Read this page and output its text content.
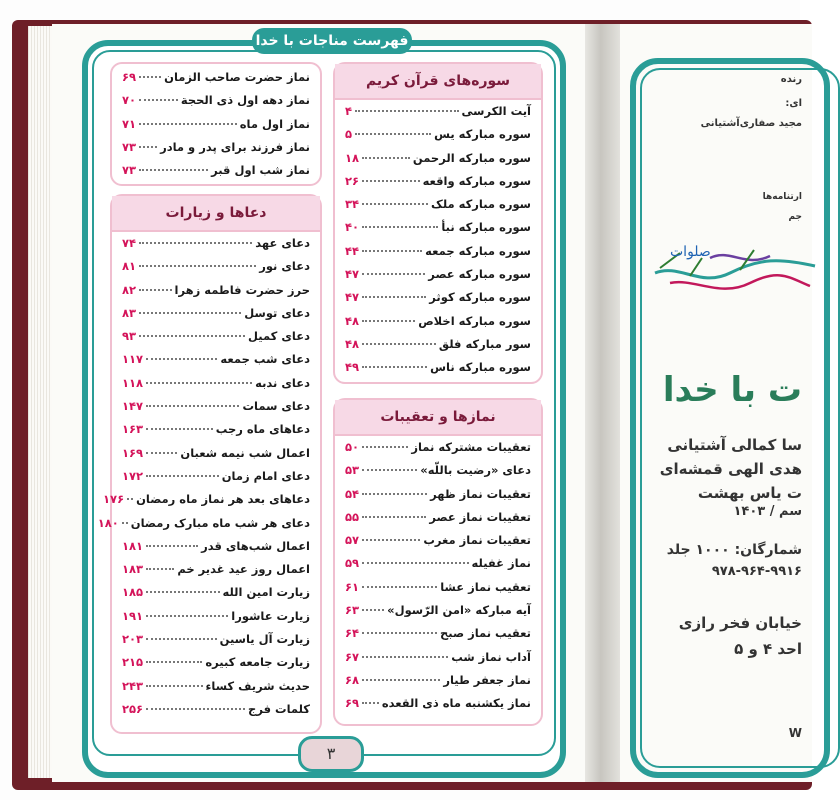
فهرست مناجات با خدا
سوره‌های قرآن کریم
آیت الکرسی
۴
سوره مبارکه یس
۵
سوره مبارکه الرحمن
۱۸
سوره مبارکه واقعه
۲۶
سوره مبارکه ملک
۳۴
سوره مبارکه نبأ
۴۰
سوره مبارکه جمعه
۴۴
سوره مبارکه عصر
۴۷
سوره مبارکه کوثر
۴۷
سوره مبارکه اخلاص
۴۸
سور مبارکه فلق
۴۸
سوره مبارکه ناس
۴۹
نمازها و تعقیبات
تعقیبات مشترکه نماز
۵۰
دعای «رضیت باللّه»
۵۳
تعقیبات نماز ظهر
۵۴
تعقیبات نماز عصر
۵۵
تعقیبات نماز مغرب
۵۷
نماز غفیله
۵۹
تعقیب نماز عشا
۶۱
آیه مبارکه «امن الرّسول»
۶۳
تعقیب نماز صبح
۶۴
آداب نماز شب
۶۷
نماز جعفر طیار
۶۸
نماز یکشنبه ماه ذی القعده
۶۹
نماز حضرت صاحب الزمان
۶۹
نماز دهه اول ذی الحجة
۷۰
نماز اول ماه
۷۱
نماز فرزند برای پدر و مادر
۷۳
نماز شب اول قبر
۷۳
دعاها و زیارات
دعای عهد
۷۴
دعای نور
۸۱
حرز حضرت فاطمه زهرا
۸۲
دعای توسل
۸۳
دعای کمیل
۹۳
دعای شب جمعه
۱۱۷
دعای ندبه
۱۱۸
دعای سمات
۱۴۷
دعاهای ماه رجب
۱۶۳
اعمال شب نیمه شعبان
۱۶۹
دعای امام زمان
۱۷۲
دعاهای بعد هر نماز ماه رمضان
۱۷۶
دعای هر شب ماه مبارک رمضان
۱۸۰
اعمال شب‌های قدر
۱۸۱
اعمال روز عید غدیر خم
۱۸۳
زیارت امین الله
۱۸۵
زیارت عاشورا
۱۹۱
زیارت آل یاسین
۲۰۳
زیارت جامعه کبیره
۲۱۵
حدیث شریف کساء
۲۴۳
کلمات فرج
۲۵۶
۳
صلوات
رنده
ای:
مجید صفاری‌آشتیانی
ارتنامه‌ها
جم
ت با خدا
سا کمالی آشتیانی
هدی الهی قمشه‌ای
ت یاس بهشت
سم / ۱۴۰۳
شمارگان: ۱۰۰۰ جلد
۹۷۸-۹۶۴-۹۹۱۶
خیابان فخر رازی
احد ۴ و ۵
W
